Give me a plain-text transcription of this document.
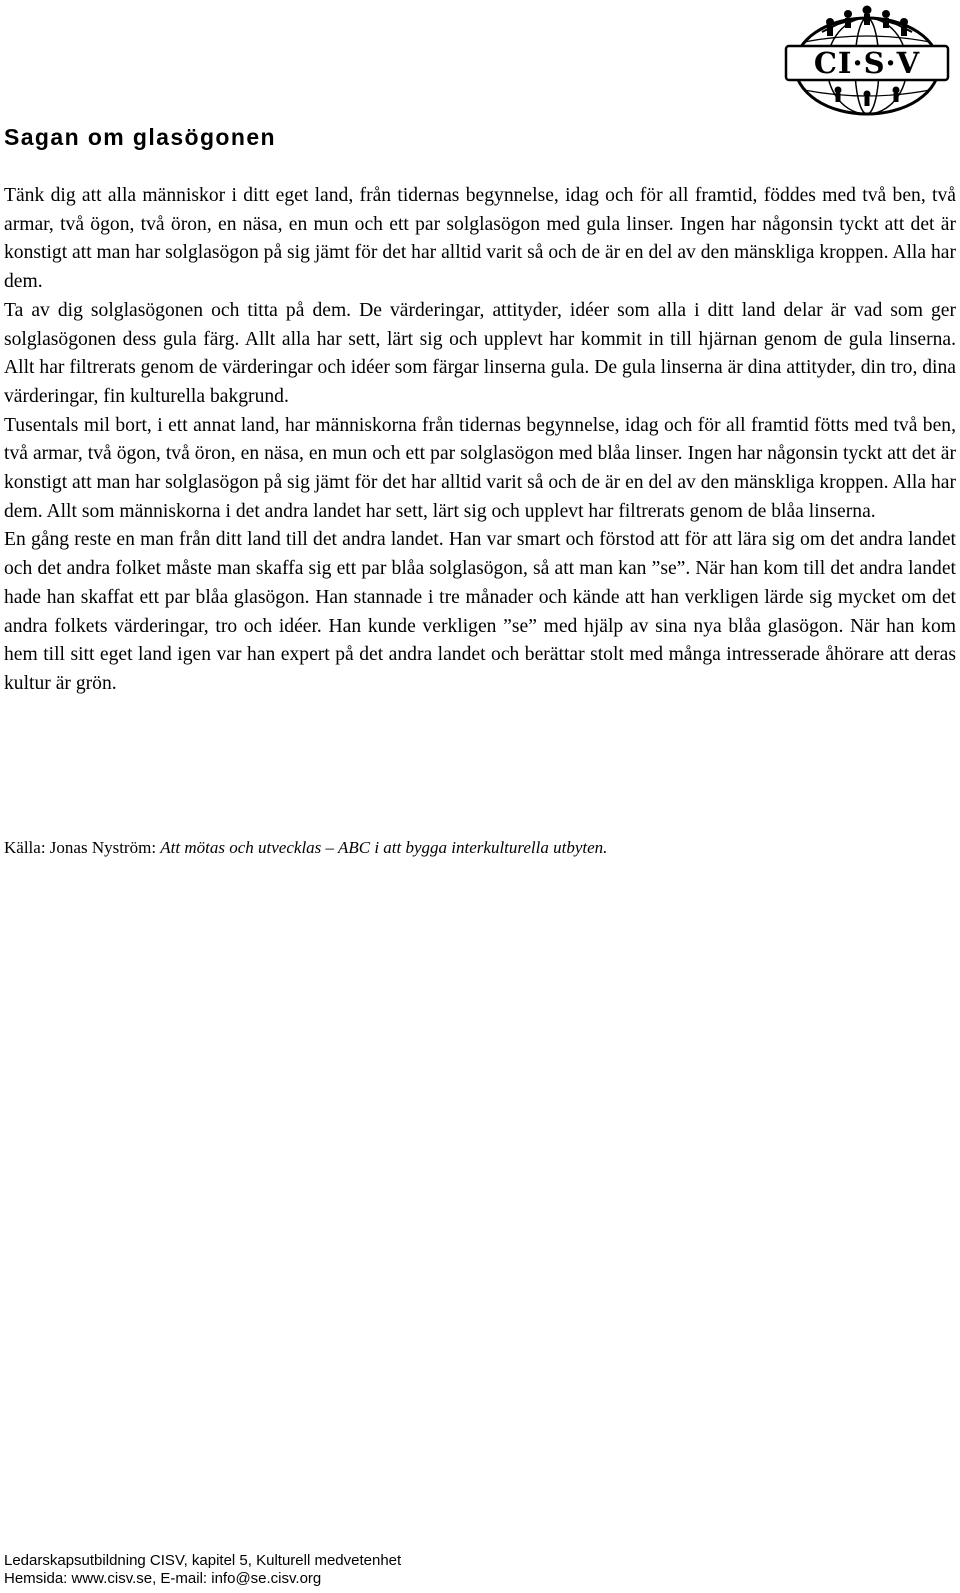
CI·S·V
Sagan om glasögonen

Tänk dig att alla människor i ditt eget land, från tidernas begynnelse, idag och för all framtid, föddes med två ben, två armar, två ögon, två öron, en näsa, en mun och ett par solglasögon med gula linser. Ingen har någonsin tyckt att det är konstigt att man har solglasögon på sig jämt för det har alltid varit så och de är en del av den mänskliga kroppen. Alla har dem.

Ta av dig solglasögonen och titta på dem. De värderingar, attityder, idéer som alla i ditt land delar är vad som ger solglasögonen dess gula färg. Allt alla har sett, lärt sig och upplevt har kommit in till hjärnan genom de gula linserna. Allt har filtrerats genom de värderingar och idéer som färgar linserna gula. De gula linserna är dina attityder, din tro, dina värderingar, fin kulturella bakgrund.

Tusentals mil bort, i ett annat land, har människorna från tidernas begynnelse, idag och för all framtid fötts med två ben, två armar, två ögon, två öron, en näsa, en mun och ett par solglasögon med blåa linser. Ingen har någonsin tyckt att det är konstigt att man har solglasögon på sig jämt för det har alltid varit så och de är en del av den mänskliga kroppen. Alla har dem. Allt som människorna i det andra landet har sett, lärt sig och upplevt har filtrerats genom de blåa linserna.

En gång reste en man från ditt land till det andra landet. Han var smart och förstod att för att lära sig om det andra landet och det andra folket måste man skaffa sig ett par blåa solglasögon, så att man kan ”se”. När han kom till det andra landet hade han skaffat ett par blåa glasögon. Han stannade i tre månader och kände att han verkligen lärde sig mycket om det andra folkets värderingar, tro och idéer. Han kunde verkligen ”se” med hjälp av sina nya blåa glasögon. När han kom hem till sitt eget land igen var han expert på det andra landet och berättar stolt med många intresserade åhörare att deras kultur är grön.

Källa: Jonas Nyström: Att mötas och utvecklas – ABC i att bygga interkulturella utbyten.
Ledarskapsutbildning CISV, kapitel 5, Kulturell medvetenhet
Hemsida: www.cisv.se, E-mail: info@se.cisv.org
